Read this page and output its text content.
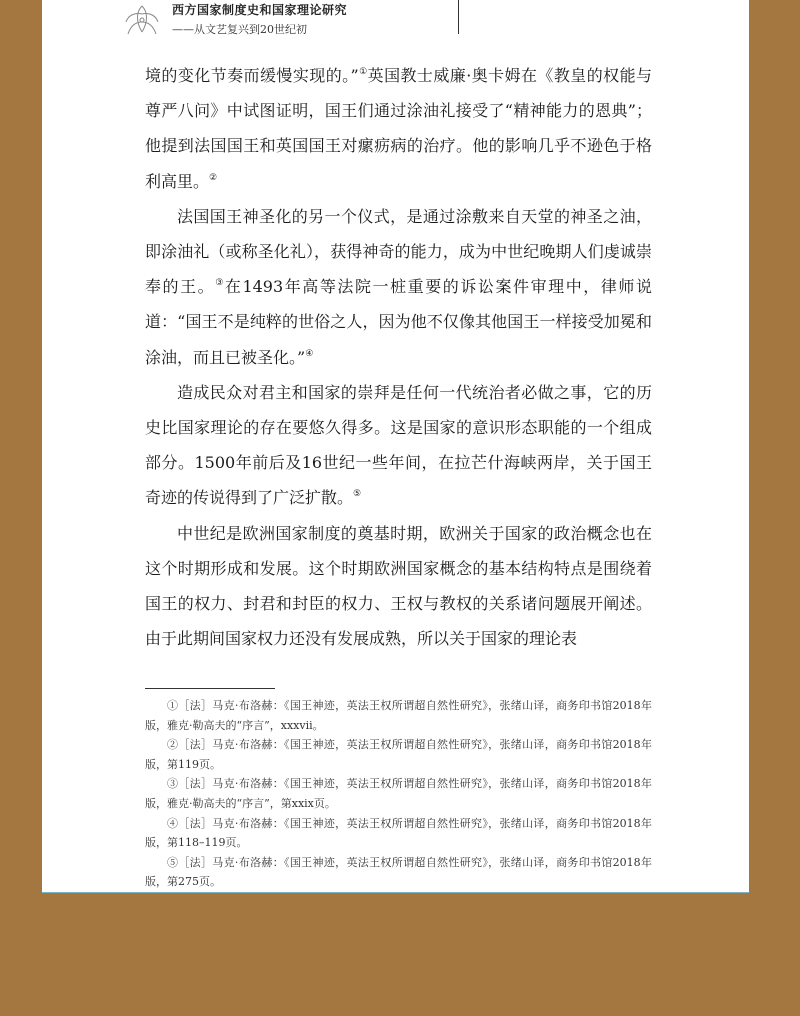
西方国家制度史和国家理论研究
——从文艺复兴到20世纪初

境的变化节奏而缓慢实现的。”①英国教士威廉·奥卡姆在《教皇的权能与尊严八问》中试图证明，国王们通过涂油礼接受了“精神能力的恩典”；他提到法国国王和英国国王对瘰疬病的治疗。他的影响几乎不逊色于格利高里。②

法国国王神圣化的另一个仪式，是通过涂敷来自天堂的神圣之油，即涂油礼（或称圣化礼），获得神奇的能力，成为中世纪晚期人们虔诚崇奉的王。③在1493年高等法院一桩重要的诉讼案件审理中，律师说道：“国王不是纯粹的世俗之人，因为他不仅像其他国王一样接受加冕和涂油，而且已被圣化。”④

造成民众对君主和国家的崇拜是任何一代统治者必做之事，它的历史比国家理论的存在要悠久得多。这是国家的意识形态职能的一个组成部分。1500年前后及16世纪一些年间，在拉芒什海峡两岸，关于国王奇迹的传说得到了广泛扩散。⑤

中世纪是欧洲国家制度的奠基时期，欧洲关于国家的政治概念也在这个时期形成和发展。这个时期欧洲国家概念的基本结构特点是围绕着国王的权力、封君和封臣的权力、王权与教权的关系诸问题展开阐述。由于此期间国家权力还没有发展成熟，所以关于国家的理论表

①［法］马克·布洛赫：《国王神迹，英法王权所谓超自然性研究》，张绪山译，商务印书馆2018年版，雅克·勒高夫的“序言”，xxxvii。

②［法］马克·布洛赫：《国王神迹，英法王权所谓超自然性研究》，张绪山译，商务印书馆2018年版，第119页。

③［法］马克·布洛赫：《国王神迹，英法王权所谓超自然性研究》，张绪山译，商务印书馆2018年版，雅克·勒高夫的“序言”，第xxix页。

④［法］马克·布洛赫：《国王神迹，英法王权所谓超自然性研究》，张绪山译，商务印书馆2018年版，第118–119页。

⑤［法］马克·布洛赫：《国王神迹，英法王权所谓超自然性研究》，张绪山译，商务印书馆2018年版，第275页。
